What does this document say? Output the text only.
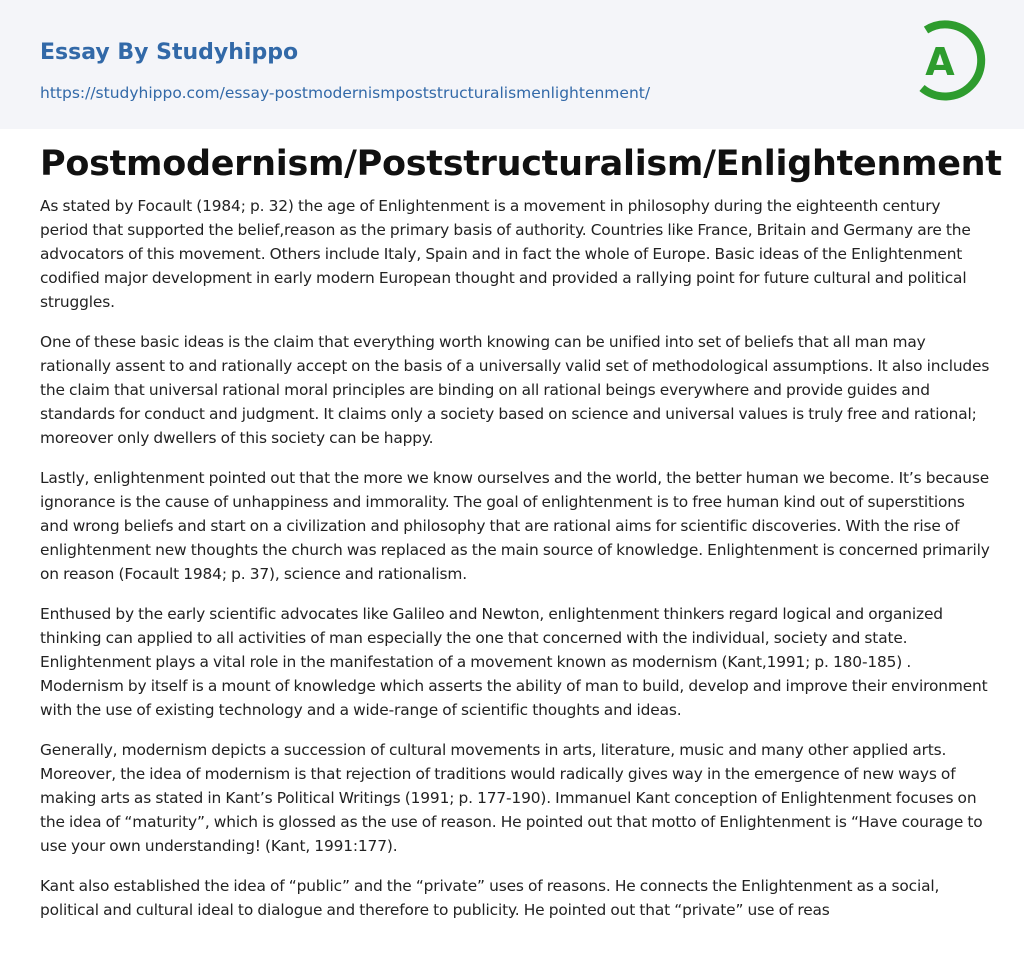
Essay By Studyhippo
https://studyhippo.com/essay-postmodernismpoststructuralismenlightenment/
A
Postmodernism/Poststructuralism/Enlightenment

As stated by Focault (1984; p. 32) the age of Enlightenment is a movement in philosophy during the eighteenth century period that supported the belief,reason as the primary basis of authority. Countries like France, Britain and Germany are the advocators of this movement. Others include Italy, Spain and in fact the whole of Europe. Basic ideas of the Enlightenment codified major development in early modern European thought and provided a rallying point for future cultural and political struggles.

One of these basic ideas is the claim that everything worth knowing can be unified into set of beliefs that all man may rationally assent to and rationally accept on the basis of a universally valid set of methodological assumptions. It also includes the claim that universal rational moral principles are binding on all rational beings everywhere and provide guides and standards for conduct and judgment. It claims only a society based on science and universal values is truly free and rational; moreover only dwellers of this society can be happy.

Lastly, enlightenment pointed out that the more we know ourselves and the world, the better human we become. It’s because ignorance is the cause of unhappiness and immorality. The goal of enlightenment is to free human kind out of superstitions and wrong beliefs and start on a civilization and philosophy that are rational aims for scientific discoveries. With the rise of enlightenment new thoughts the church was replaced as the main source of knowledge. Enlightenment is concerned primarily on reason (Focault 1984; p. 37), science and rationalism.

Enthused by the early scientific advocates like Galileo and Newton, enlightenment thinkers regard logical and organized thinking can applied to all activities of man especially the one that concerned with the individual, society and state. Enlightenment plays a vital role in the manifestation of a movement known as modernism (Kant,1991; p. 180-185) . Modernism by itself is a mount of knowledge which asserts the ability of man to build, develop and improve their environment with the use of existing technology and a wide-range of scientific thoughts and ideas.

Generally, modernism depicts a succession of cultural movements in arts, literature, music and many other applied arts. Moreover, the idea of modernism is that rejection of traditions would radically gives way in the emergence of new ways of making arts as stated in Kant’s Political Writings (1991; p. 177-190). Immanuel Kant conception of Enlightenment focuses on the idea of “maturity”, which is glossed as the use of reason. He pointed out that motto of Enlightenment is “Have courage to use your own understanding! (Kant, 1991:177).

Kant also established the idea of “public” and the “private” uses of reasons. He connects the Enlightenment as a social, political and cultural ideal to dialogue and therefore to publicity. He pointed out that “private” use of reas
